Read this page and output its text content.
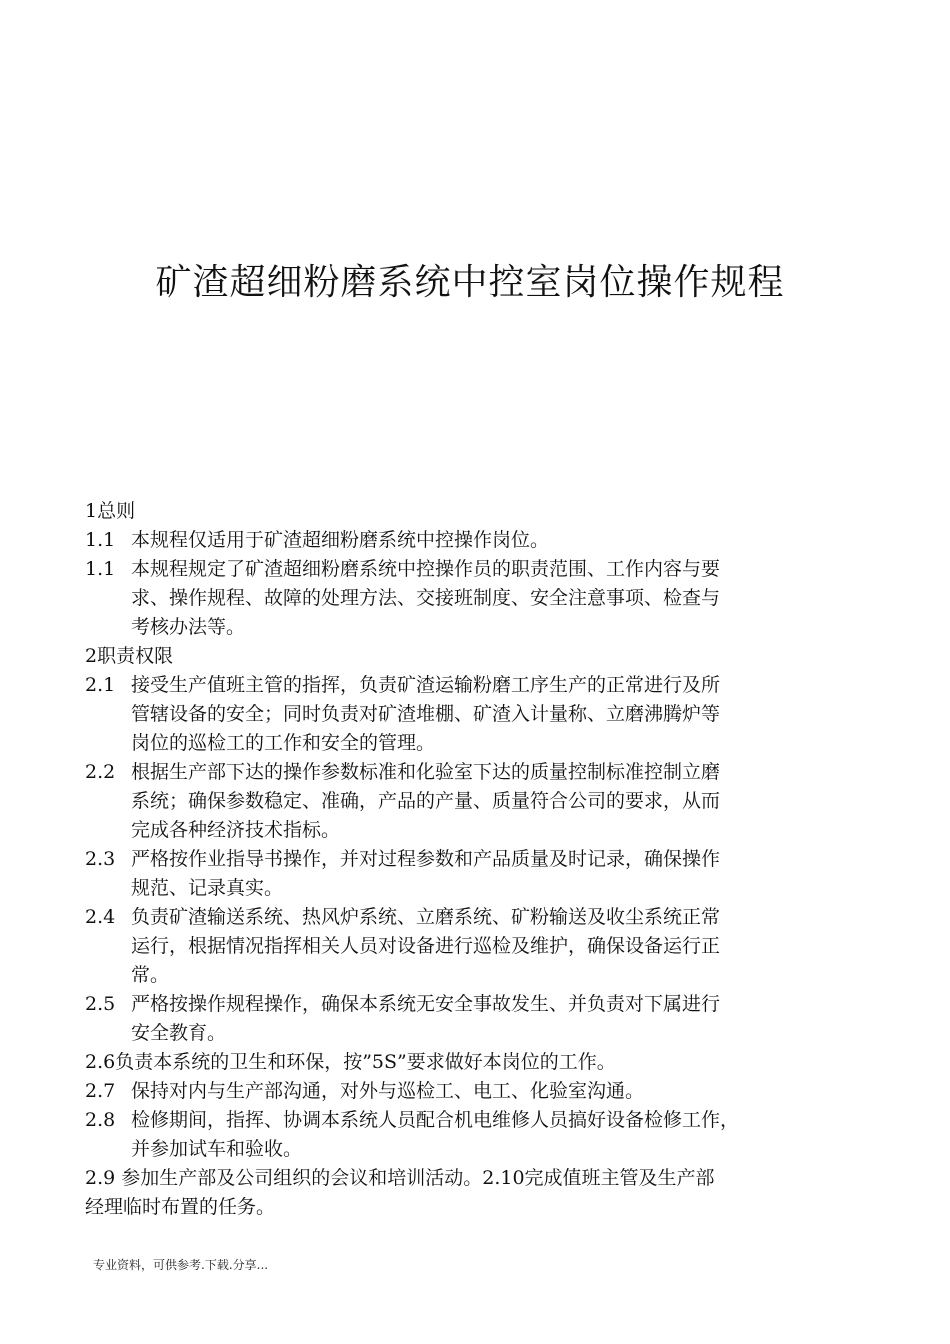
矿渣超细粉磨系统中控室岗位操作规程
1总则
1.1 本规程仅适用于矿渣超细粉磨系统中控操作岗位。
1.1 本规程规定了矿渣超细粉磨系统中控操作员的职责范围、工作内容与要
求、操作规程、故障的处理方法、交接班制度、安全注意事项、检查与
考核办法等。
2职责权限
2.1 接受生产值班主管的指挥，负责矿渣运输粉磨工序生产的正常进行及所
管辖设备的安全；同时负责对矿渣堆棚、矿渣入计量称、立磨沸腾炉等
岗位的巡检工的工作和安全的管理。
2.2 根据生产部下达的操作参数标准和化验室下达的质量控制标准控制立磨
系统；确保参数稳定、准确，产品的产量、质量符合公司的要求，从而
完成各种经济技术指标。
2.3 严格按作业指导书操作，并对过程参数和产品质量及时记录，确保操作
规范、记录真实。
2.4 负责矿渣输送系统、热风炉系统、立磨系统、矿粉输送及收尘系统正常
运行，根据情况指挥相关人员对设备进行巡检及维护，确保设备运行正
常。
2.5 严格按操作规程操作，确保本系统无安全事故发生、并负责对下属进行
安全教育。
2.6负责本系统的卫生和环保，按”5S”要求做好本岗位的工作。
2.7 保持对内与生产部沟通，对外与巡检工、电工、化验室沟通。
2.8 检修期间，指挥、协调本系统人员配合机电维修人员搞好设备检修工作，
并参加试车和验收。
2.9 参加生产部及公司组织的会议和培训活动。2.10完成值班主管及生产部
经理临时布置的任务。
专业资料，可供参考.下载.分享...
